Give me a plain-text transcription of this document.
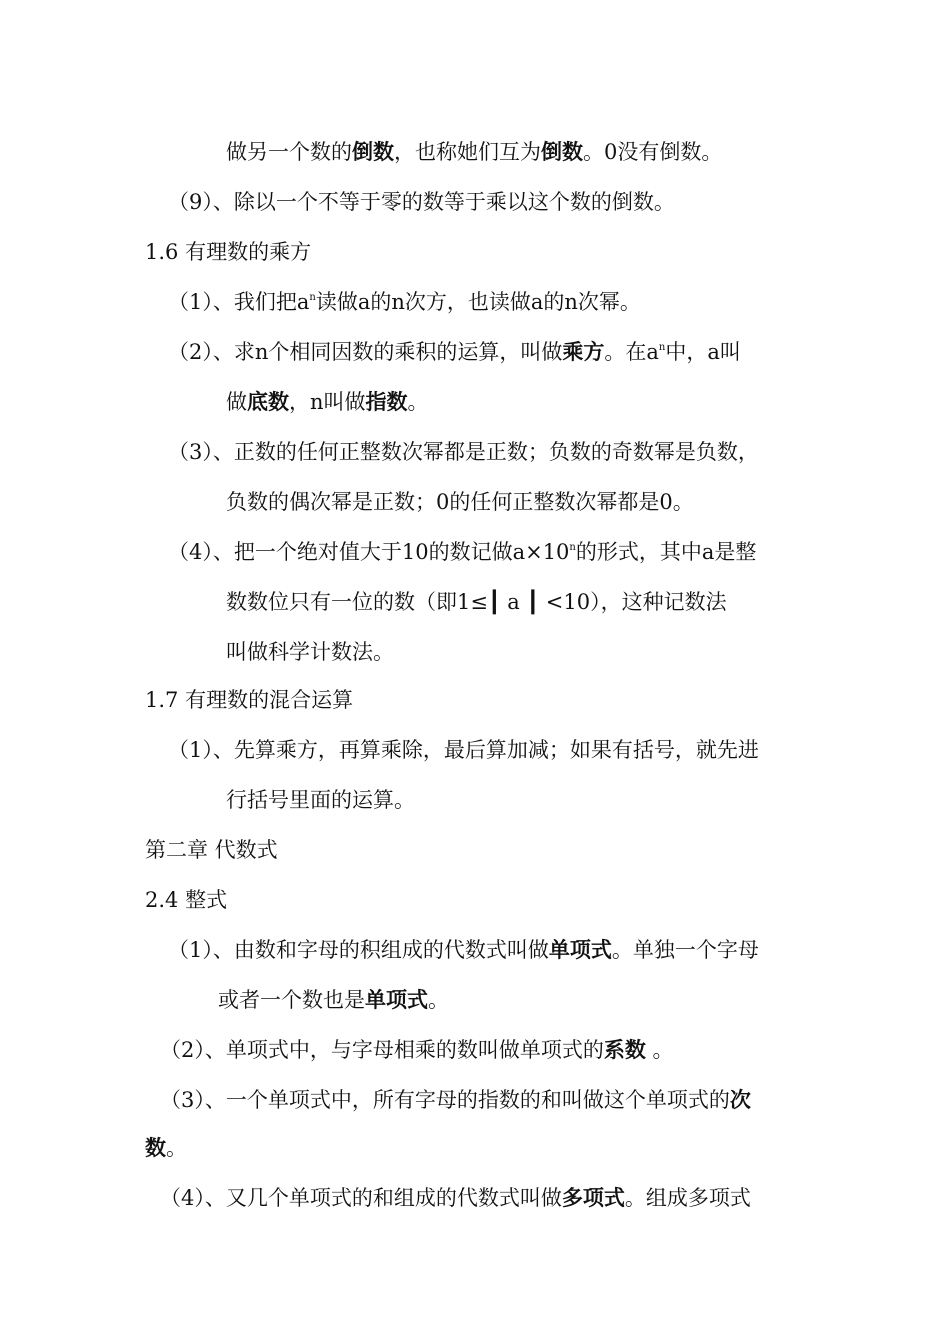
做另一个数的倒数，也称她们互为倒数。0没有倒数。
（9）、除以一个不等于零的数等于乘以这个数的倒数。
1.6 有理数的乘方
（1）、我们把$a^n$读做a的n次方，也读做a的n次幂。
（2）、求n个相同因数的乘积的运算，叫做乘方。在$a^n$中，a叫
做底数，n叫做指数。
（3）、正数的任何正整数次幂都是正数；负数的奇数幂是负数，
负数的偶次幂是正数；0的任何正整数次幂都是0。
（4）、把一个绝对值大于10的数记做$a\times 10^n$的形式，其中a是整
数数位只有一位的数（即1≤┃ a ┃ <10），这种记数法
叫做科学计数法。
1.7 有理数的混合运算
（1）、先算乘方，再算乘除，最后算加减；如果有括号，就先进
行括号里面的运算。
第二章 代数式
2.4 整式
（1）、由数和字母的积组成的代数式叫做单项式。单独一个字母
或者一个数也是单项式。
（2）、单项式中，与字母相乘的数叫做单项式的系数 。
（3）、一个单项式中，所有字母的指数的和叫做这个单项式的次
数。
（4）、又几个单项式的和组成的代数式叫做多项式。组成多项式
